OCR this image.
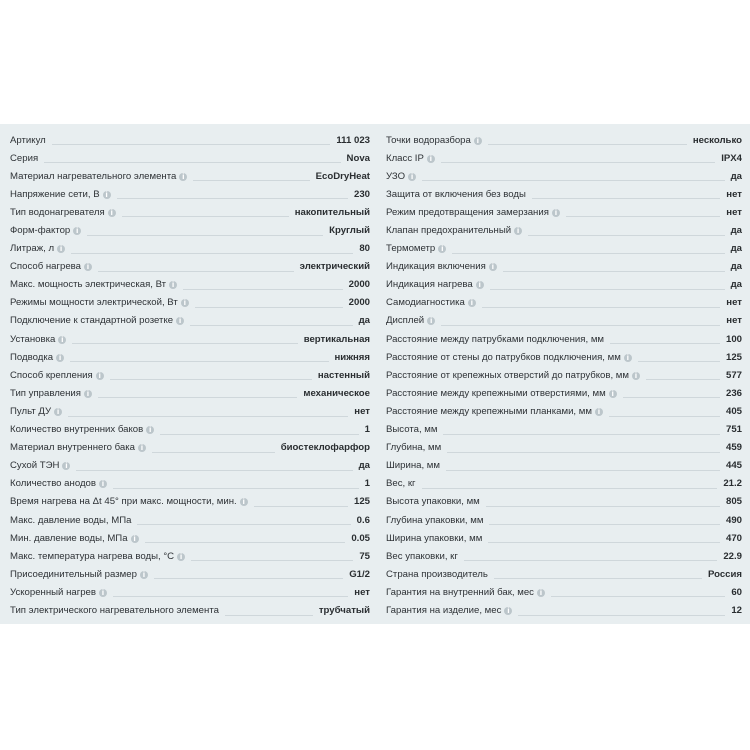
Артикул	111 023
Серия	Nova
Материал нагревательного элемента i	EcoDryHeat
Напряжение сети, В i	230
Тип водонагревателя i	накопительный
Форм-фактор i	Круглый
Литраж, л i	80
Способ нагрева i	электрический
Макс. мощность электрическая, Вт i	2000
Режимы мощности электрической, Вт i	2000
Подключение к стандартной розетке i	да
Установка i	вертикальная
Подводка i	нижняя
Способ крепления i	настенный
Тип управления i	механическое
Пульт ДУ i	нет
Количество внутренних баков i	1
Материал внутреннего бака i	биостеклофарфор
Сухой ТЭН i	да
Количество анодов i	1
Время нагрева на Δt 45° при макс. мощности, мин. i	125
Макс. давление воды, МПа	0.6
Мин. давление воды, МПа i	0.05
Макс. температура нагрева воды, °С i	75
Присоединительный размер i	G1/2
Ускоренный нагрев i	нет
Тип электрического нагревательного элемента	трубчатый
Точки водоразбора i	несколько
Класс IP i	IPX4
УЗО i	да
Защита от включения без воды	нет
Режим предотвращения замерзания i	нет
Клапан предохранительный i	да
Термометр i	да
Индикация включения i	да
Индикация нагрева i	да
Самодиагностика i	нет
Дисплей i	нет
Расстояние между патрубками подключения, мм	100
Расстояние от стены до патрубков подключения, мм i	125
Расстояние от крепежных отверстий до патрубков, мм i	577
Расстояние между крепежными отверстиями, мм i	236
Расстояние между крепежными планками, мм i	405
Высота, мм	751
Глубина, мм	459
Ширина, мм	445
Вес, кг	21.2
Высота упаковки, мм	805
Глубина упаковки, мм	490
Ширина упаковки, мм	470
Вес упаковки, кг	22.9
Страна производитель	Россия
Гарантия на внутренний бак, мес i	60
Гарантия на изделие, мес i	12
